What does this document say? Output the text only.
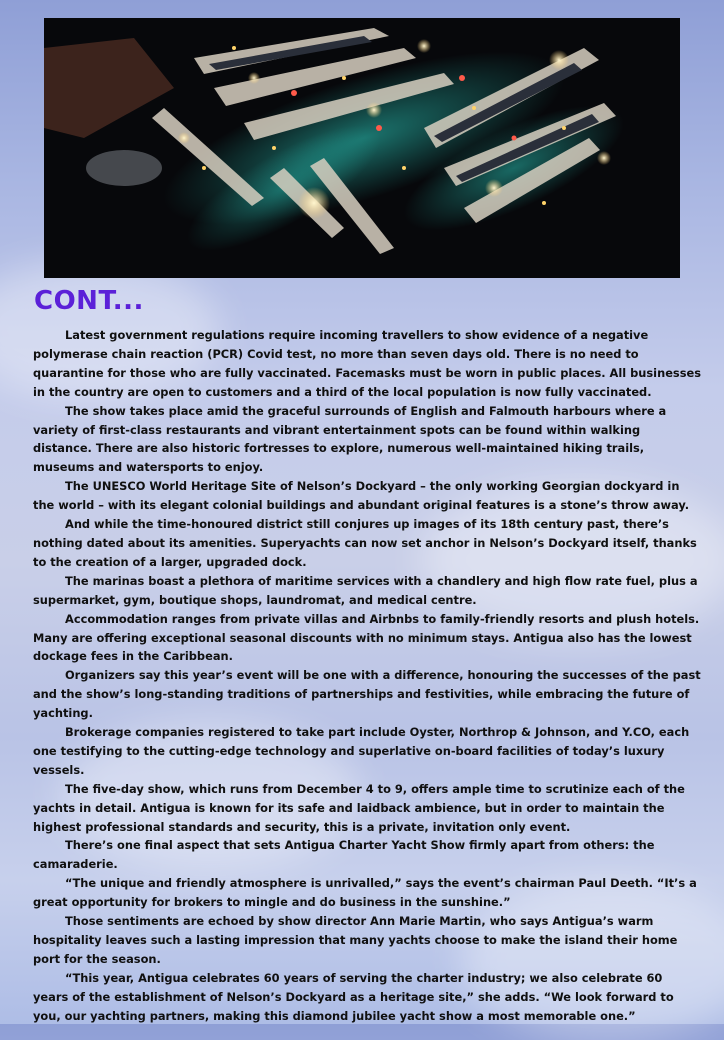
CONT...

Latest government regulations require incoming travellers to show evidence of a negative polymerase chain reaction (PCR) Covid test, no more than seven days old. There is no need to quarantine for those who are fully vaccinated. Facemasks must be worn in public places. All businesses in the country are open to customers and a third of the local population is now fully vaccinated.

The show takes place amid the graceful surrounds of English and Falmouth harbours where a variety of first-class restaurants and vibrant entertainment spots can be found within walking distance. There are also historic fortresses to explore, numerous well-maintained hiking trails, museums and watersports to enjoy.

The UNESCO World Heritage Site of Nelson’s Dockyard – the only working Georgian dockyard in the world – with its elegant colonial buildings and abundant original features is a stone’s throw away.

And while the time-honoured district still conjures up images of its 18th century past, there’s nothing dated about its amenities. Superyachts can now set anchor in Nelson’s Dockyard itself, thanks to the creation of a larger, upgraded dock.

The marinas boast a plethora of maritime services with a chandlery and high flow rate fuel, plus a supermarket, gym, boutique shops, laundromat, and medical centre.

Accommodation ranges from private villas and Airbnbs to family-friendly resorts and plush hotels. Many are offering exceptional seasonal discounts with no minimum stays. Antigua also has the lowest dockage fees in the Caribbean.

Organizers say this year’s event will be one with a difference, honouring the successes of the past and the show’s long-standing traditions of partnerships and festivities, while embracing the future of yachting.

Brokerage companies registered to take part include Oyster, Northrop & Johnson, and Y.CO, each one testifying to the cutting-edge technology and superlative on-board facilities of today’s luxury vessels.

The five-day show, which runs from December 4 to 9, offers ample time to scrutinize each of the yachts in detail. Antigua is known for its safe and laidback ambience, but in order to maintain the highest professional standards and security, this is a private, invitation only event.

There’s one final aspect that sets Antigua Charter Yacht Show firmly apart from others: the camaraderie.

“The unique and friendly atmosphere is unrivalled,” says the event’s chairman Paul Deeth. “It’s a great opportunity for brokers to mingle and do business in the sunshine.”

Those sentiments are echoed by show director Ann Marie Martin, who says Antigua’s warm hospitality leaves such a lasting impression that many yachts choose to make the island their home port for the season.

“This year, Antigua celebrates 60 years of serving the charter industry; we also celebrate 60 years of the establishment of Nelson’s Dockyard as a heritage site,” she adds. “We look forward to you, our yachting partners, making this diamond jubilee yacht show a most memorable one.”
